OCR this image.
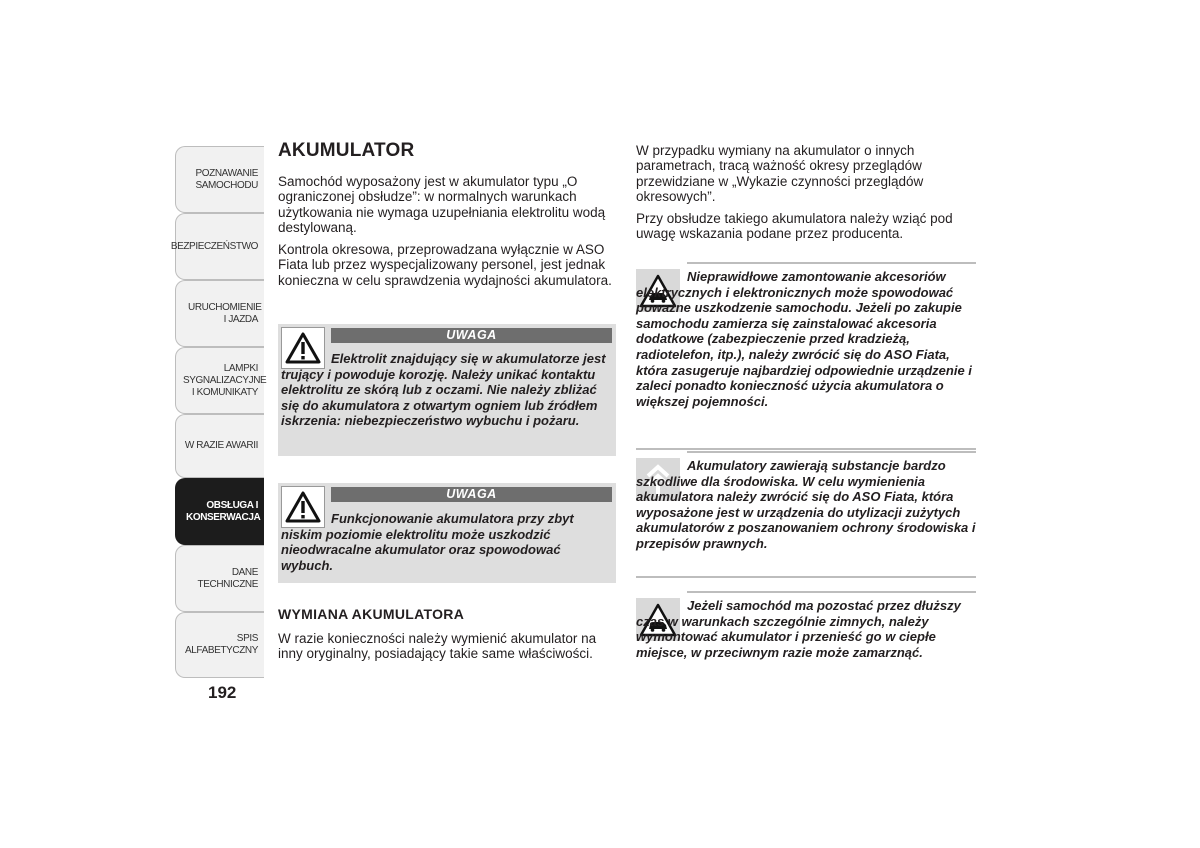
POZNAWANIE SAMOCHODU
BEZPIECZEŃSTWO
URUCHOMIENIE I JAZDA
LAMPKI SYGNALIZACYJNE I KOMUNIKATY
W RAZIE AWARII
OBSŁUGA I KONSERWACJA
DANE TECHNICZNE
SPIS ALFABETYCZNY
192
AKUMULATOR

Samochód wyposażony jest w akumulator typu „O ograniczonej obsłudze”: w normalnych warunkach użytkowania nie wymaga uzupełniania elektrolitu wodą destylowaną.

Kontrola okresowa, przeprowadzana wyłącznie w ASO Fiata lub przez wyspecjalizowany personel, jest jednak konieczna w celu sprawdzenia wydajności akumulatora.

UWAGA

Elektrolit znajdujący się w akumulatorze jest trujący i powoduje korozję. Należy unikać kontaktu elektrolitu ze skórą lub z oczami. Nie należy zbliżać się do akumulatora z otwartym ogniem lub źródłem iskrzenia: niebezpieczeństwo wybuchu i pożaru.

UWAGA

Funkcjonowanie akumulatora przy zbyt niskim poziomie elektrolitu może uszkodzić nieodwracalne akumulator oraz spowodować wybuch.

WYMIANA AKUMULATORA

W razie konieczności należy wymienić akumulator na inny oryginalny, posiadający takie same właściwości.

W przypadku wymiany na akumulator o innych parametrach, tracą ważność okresy przeglądów przewidziane w „Wykazie czynności przeglądów okresowych”.

Przy obsłudze takiego akumulatora należy wziąć pod uwagę wskazania podane przez producenta.

Nieprawidłowe zamontowanie akcesoriów elektrycznych i elektronicznych może spowodować poważne uszkodzenie samochodu. Jeżeli po zakupie samochodu zamierza się zainstalować akcesoria dodatkowe (zabezpieczenie przed kradzieżą, radiotelefon, itp.), należy zwrócić się do ASO Fiata, która zasugeruje najbardziej odpowiednie urządzenie i zaleci ponadto konieczność użycia akumulatora o większej pojemności.

Akumulatory zawierają substancje bardzo szkodliwe dla środowiska. W celu wymienienia akumulatora należy zwrócić się do ASO Fiata, która wyposażone jest w urządzenia do utylizacji zużytych akumulatorów z poszanowaniem ochrony środowiska i przepisów prawnych.

Jeżeli samochód ma pozostać przez dłuższy czas w warunkach szczególnie zimnych, należy wymontować akumulator i przenieść go w ciepłe miejsce, w przeciwnym razie może zamarznąć.
